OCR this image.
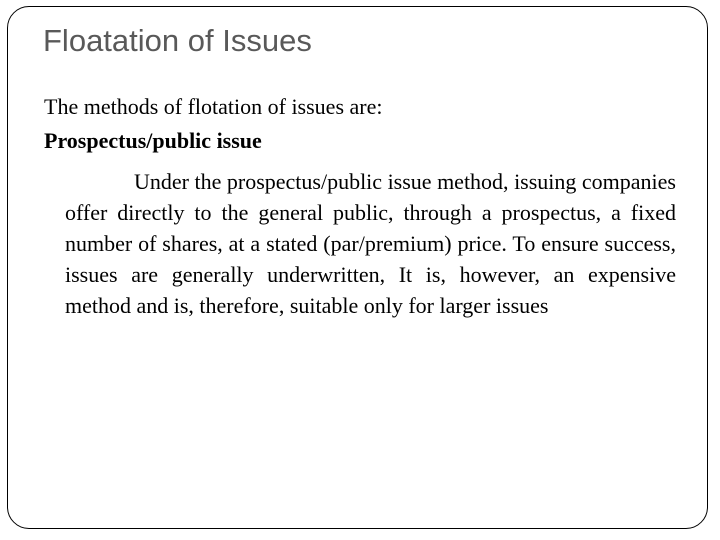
Floatation of Issues
The methods of flotation of issues are:
Prospectus/public issue

Under the prospectus/public issue method, issuing companies offer directly to the general public, through a prospectus, a fixed number of shares, at a stated (par/premium) price. To ensure success, issues are generally underwritten, It is, however, an expensive method and is, therefore, suitable only for larger issues
